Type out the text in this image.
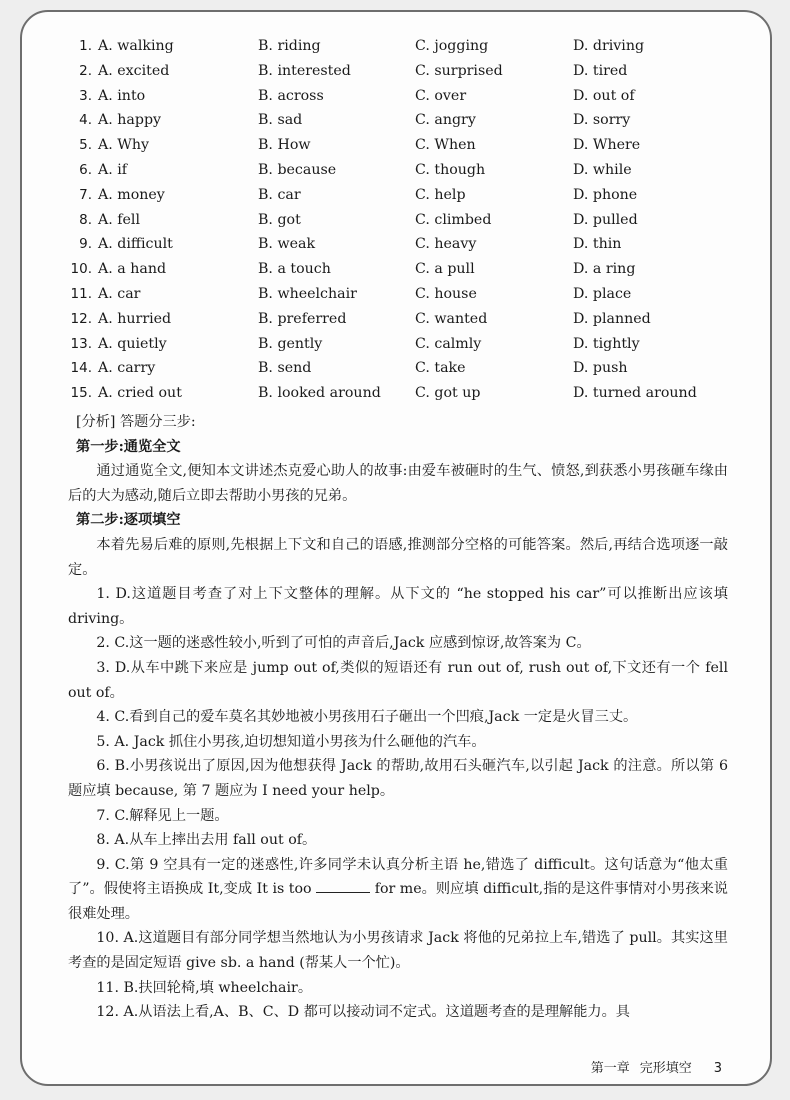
1. A. walking	B. riding	C. jogging	D. driving
2. A. excited	B. interested	C. surprised	D. tired
3. A. into	B. across	C. over	D. out of
4. A. happy	B. sad	C. angry	D. sorry
5. A. Why	B. How	C. When	D. Where
6. A. if	B. because	C. though	D. while
7. A. money	B. car	C. help	D. phone
8. A. fell	B. got	C. climbed	D. pulled
9. A. difficult	B. weak	C. heavy	D. thin
10. A. a hand	B. a touch	C. a pull	D. a ring
11. A. car	B. wheelchair	C. house	D. place
12. A. hurried	B. preferred	C. wanted	D. planned
13. A. quietly	B. gently	C. calmly	D. tightly
14. A. carry	B. send	C. take	D. push
15. A. cried out	B. looked around C. got up	D. turned around

[分析] 答题分三步:

第一步:通览全文

通过通览全文,便知本文讲述杰克爱心助人的故事:由爱车被砸时的生气、愤怒,到获悉小男孩砸车缘由后的大为感动,随后立即去帮助小男孩的兄弟。

第二步:逐项填空

本着先易后难的原则,先根据上下文和自己的语感,推测部分空格的可能答案。然后,再结合选项逐一敲定。

1. D.这道题目考查了对上下文整体的理解。从下文的 “he stopped his car”可以推断出应该填 driving。

2. C.这一题的迷惑性较小,听到了可怕的声音后,Jack 应感到惊讶,故答案为 C。

3. D.从车中跳下来应是 jump out of,类似的短语还有 run out of, rush out of,下文还有一个 fell out of。

4. C.看到自己的爱车莫名其妙地被小男孩用石子砸出一个凹痕,Jack 一定是火冒三丈。

5. A. Jack 抓住小男孩,迫切想知道小男孩为什么砸他的汽车。

6. B.小男孩说出了原因,因为他想获得 Jack 的帮助,故用石头砸汽车,以引起 Jack 的注意。所以第 6 题应填 because, 第 7 题应为 I need your help。

7. C.解释见上一题。

8. A.从车上摔出去用 fall out of。

9. C.第 9 空具有一定的迷惑性,许多同学未认真分析主语 he,错选了 difficult。这句话意为“他太重了”。假使将主语换成 It,变成 It is too	for me。则应填 difficult,指的是这件事情对小男孩来说很难处理。

10. A.这道题目有部分同学想当然地认为小男孩请求 Jack 将他的兄弟拉上车,错选了 pull。其实这里考查的是固定短语 give sb. a hand (帮某人一个忙)。

11. B.扶回轮椅,填 wheelchair。

12. A.从语法上看,A、B、C、D 都可以接动词不定式。这道题考查的是理解能力。具

第一章 完形填空 3
